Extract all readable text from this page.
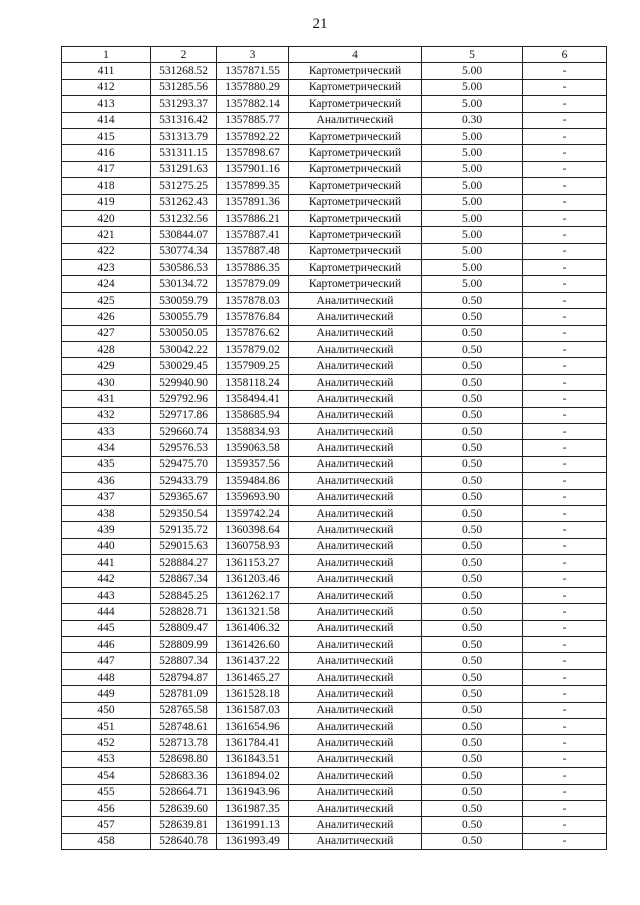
21
1	2	3	4	5	6
411	531268.52	1357871.55	Картометрический	5.00	-
412	531285.56	1357880.29	Картометрический	5.00	-
413	531293.37	1357882.14	Картометрический	5.00	-
414	531316.42	1357885.77	Аналитический	0.30	-
415	531313.79	1357892.22	Картометрический	5.00	-
416	531311.15	1357898.67	Картометрический	5.00	-
417	531291.63	1357901.16	Картометрический	5.00	-
418	531275.25	1357899.35	Картометрический	5.00	-
419	531262.43	1357891.36	Картометрический	5.00	-
420	531232.56	1357886.21	Картометрический	5.00	-
421	530844.07	1357887.41	Картометрический	5.00	-
422	530774.34	1357887.48	Картометрический	5.00	-
423	530586.53	1357886.35	Картометрический	5.00	-
424	530134.72	1357879.09	Картометрический	5.00	-
425	530059.79	1357878.03	Аналитический	0.50	-
426	530055.79	1357876.84	Аналитический	0.50	-
427	530050.05	1357876.62	Аналитический	0.50	-
428	530042.22	1357879.02	Аналитический	0.50	-
429	530029.45	1357909.25	Аналитический	0.50	-
430	529940.90	1358118.24	Аналитический	0.50	-
431	529792.96	1358494.41	Аналитический	0.50	-
432	529717.86	1358685.94	Аналитический	0.50	-
433	529660.74	1358834.93	Аналитический	0.50	-
434	529576.53	1359063.58	Аналитический	0.50	-
435	529475.70	1359357.56	Аналитический	0.50	-
436	529433.79	1359484.86	Аналитический	0.50	-
437	529365.67	1359693.90	Аналитический	0.50	-
438	529350.54	1359742.24	Аналитический	0.50	-
439	529135.72	1360398.64	Аналитический	0.50	-
440	529015.63	1360758.93	Аналитический	0.50	-
441	528884.27	1361153.27	Аналитический	0.50	-
442	528867.34	1361203.46	Аналитический	0.50	-
443	528845.25	1361262.17	Аналитический	0.50	-
444	528828.71	1361321.58	Аналитический	0.50	-
445	528809.47	1361406.32	Аналитический	0.50	-
446	528809.99	1361426.60	Аналитический	0.50	-
447	528807.34	1361437.22	Аналитический	0.50	-
448	528794.87	1361465.27	Аналитический	0.50	-
449	528781.09	1361528.18	Аналитический	0.50	-
450	528765.58	1361587.03	Аналитический	0.50	-
451	528748.61	1361654.96	Аналитический	0.50	-
452	528713.78	1361784.41	Аналитический	0.50	-
453	528698.80	1361843.51	Аналитический	0.50	-
454	528683.36	1361894.02	Аналитический	0.50	-
455	528664.71	1361943.96	Аналитический	0.50	-
456	528639.60	1361987.35	Аналитический	0.50	-
457	528639.81	1361991.13	Аналитический	0.50	-
458	528640.78	1361993.49	Аналитический	0.50	-
